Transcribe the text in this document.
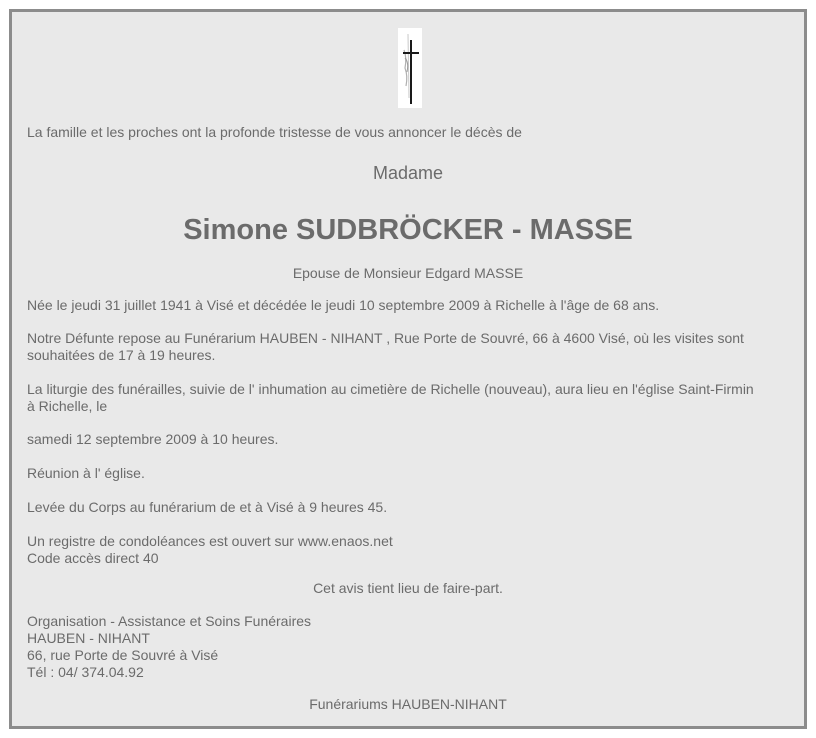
La famille et les proches ont la profonde tristesse de vous annoncer le décès de

Madame

Simone SUDBRÖCKER - MASSE

Epouse de Monsieur Edgard MASSE

Née le jeudi 31 juillet 1941 à Visé et décédée le jeudi 10 septembre 2009 à Richelle à l'âge de 68 ans.

Notre Défunte repose au Funérarium HAUBEN - NIHANT , Rue Porte de Souvré, 66 à 4600 Visé, où les visites sont

souhaitées de 17 à 19 heures.

La liturgie des funérailles, suivie de l' inhumation au cimetière de Richelle (nouveau), aura lieu en l'église Saint-Firmin

à Richelle, le

samedi 12 septembre 2009 à 10 heures.

Réunion à l' église.

Levée du Corps au funérarium de et à Visé à 9 heures 45.

Un registre de condoléances est ouvert sur www.enaos.net

Code accès direct 40

Cet avis tient lieu de faire-part.

Organisation - Assistance et Soins Funéraires

HAUBEN - NIHANT

66, rue Porte de Souvré à Visé

Tél : 04/ 374.04.92

Funérariums HAUBEN-NIHANT
